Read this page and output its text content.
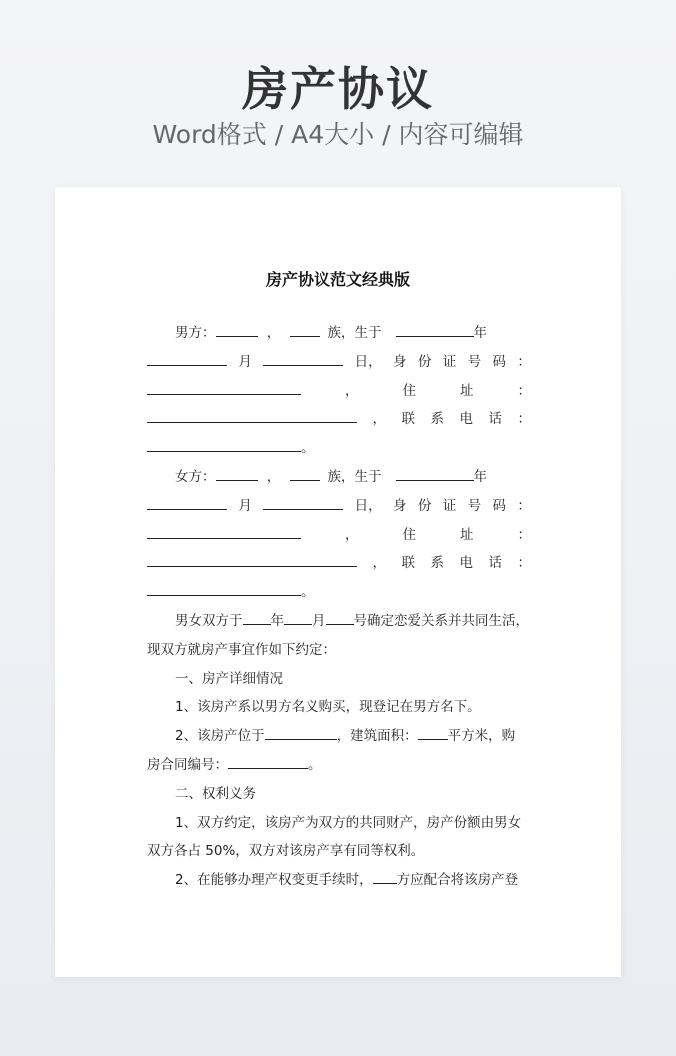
房产协议
Word格式 / A4大小 / 内容可编辑
房产协议范文经典版
男方：	，	族，生于	年
月	日， 身 份 证 号 码 ：
，	住	址	：
， 联 系 电 话 ：
。
女方：	，	族，生于	年
月	日， 身 份 证 号 码 ：
，	住	址	：
， 联 系 电 话 ：
。
男女双方于 年 月 号确定恋爱关系并共同生活，
现双方就房产事宜作如下约定：
一、房产详细情况
1、该房产系以男方名义购买，现登记在男方名下。
2、该房产位于	，建筑面积： 平方米，购
房合同编号：	。
二、权利义务
1、双方约定，该房产为双方的共同财产，房产份额由男女
双方各占 50%，双方对该房产享有同等权利。
2、在能够办理产权变更手续时， 方应配合将该房产登
